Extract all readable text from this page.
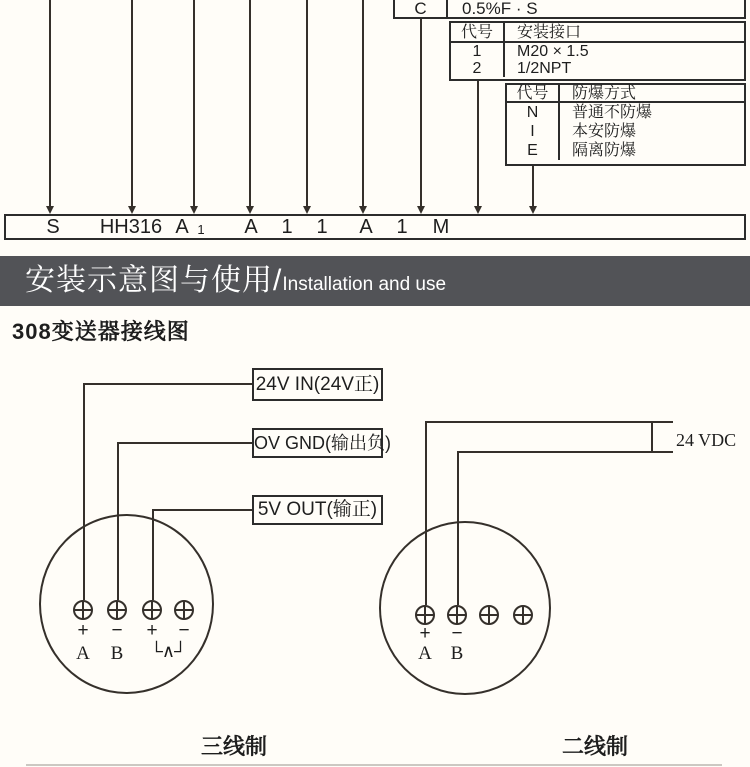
C	0.5%F · S
代号	安装接口
1	M20 × 1.5
2	1/2NPT
代号	防爆方式
N	普通不防爆
I	本安防爆
E	隔离防爆
S HH316 A 1 A 1 1 A 1 M
安装示意图与使用/ Installation and use
308变送器接线图
24V IN(24V正)
OV GND(输出负)
5V OUT(输正)
24 VDC
+ − + −
A B └∧┘
+ −
A B
三线制	二线制
